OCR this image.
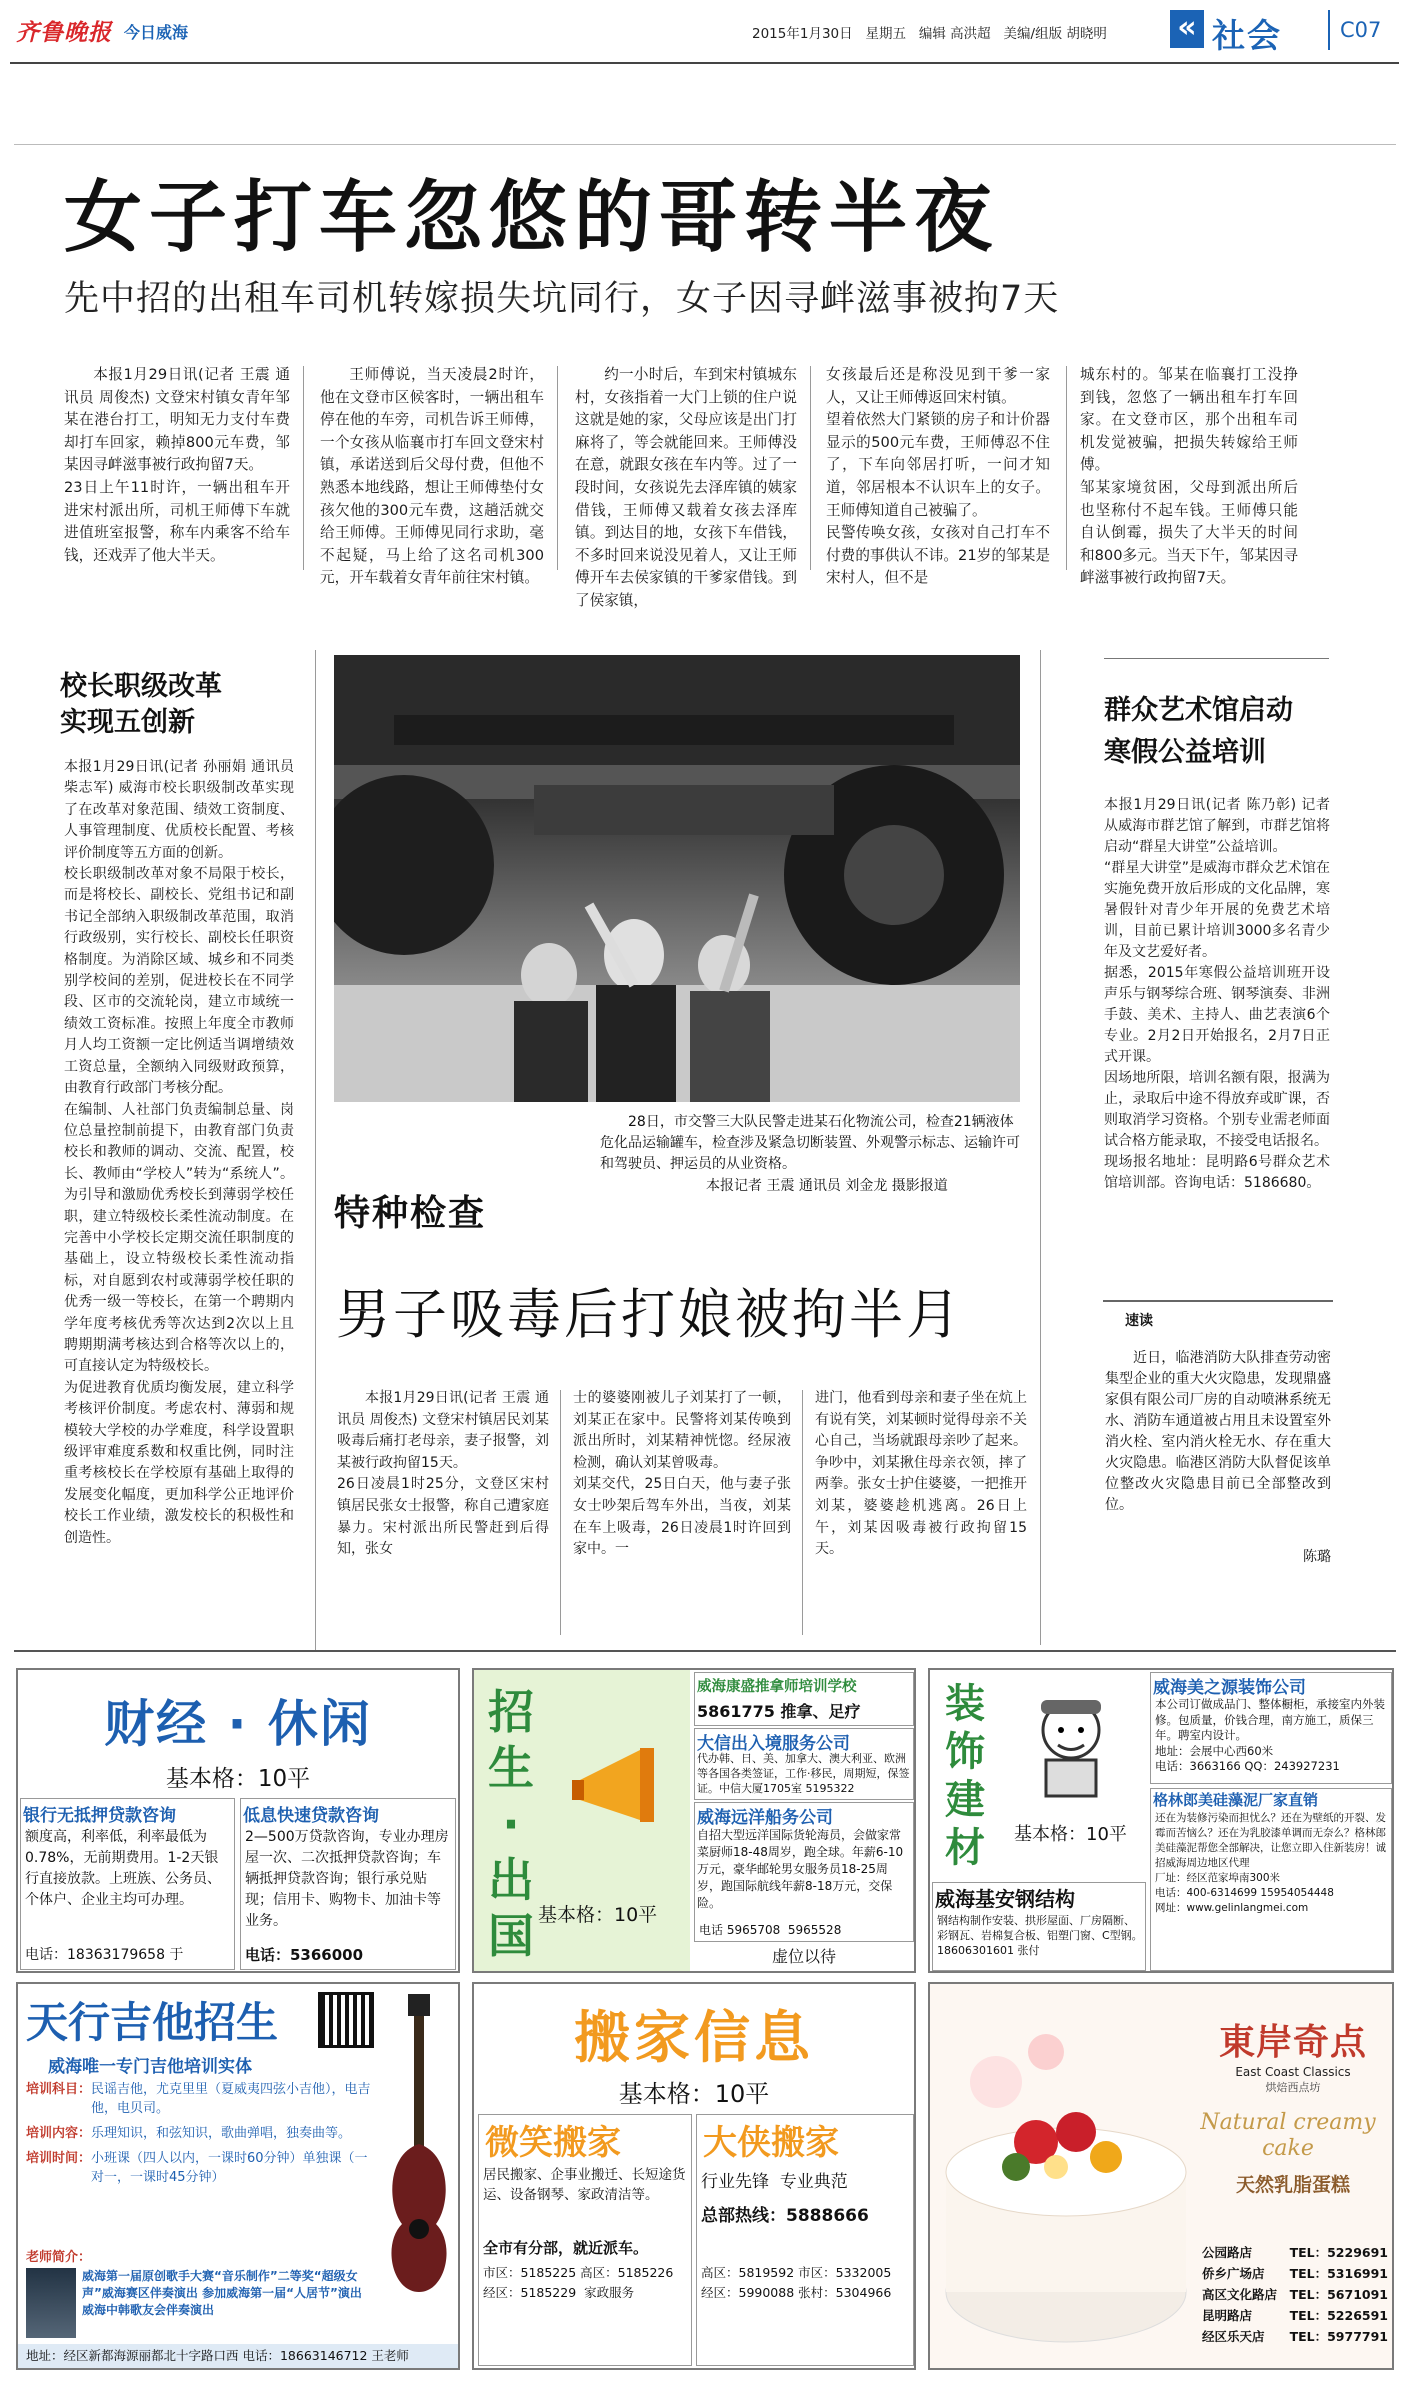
齐鲁晚报 今日威海	2015年1月30日   星期五   编辑 高洪超   美编/组版 胡晓明 « 社会	C07
女子打车忽悠的哥转半夜
先中招的出租车司机转嫁损失坑同行，女子因寻衅滋事被拘7天
本报1月29日讯(记者 王震 通讯员 周俊杰) 文登宋村镇女青年邹某在港台打工，明知无力支付车费却打车回家，赖掉800元车费，邹某因寻衅滋事被行政拘留7天。
23日上午11时许，一辆出租车开进宋村派出所，司机王师傅下车就进值班室报警，称车内乘客不给车钱，还戏弄了他大半天。
王师傅说，当天凌晨2时许，他在文登市区候客时，一辆出租车停在他的车旁，司机告诉王师傅，一个女孩从临襄市打车回文登宋村镇，承诺送到后父母付费，但他不熟悉本地线路，想让王师傅垫付女孩欠他的300元车费，这趟活就交给王师傅。王师傅见同行求助，毫不起疑，马上给了这名司机300元，开车载着女青年前往宋村镇。
约一小时后，车到宋村镇城东村，女孩指着一大门上锁的住户说这就是她的家，父母应该是出门打麻将了，等会就能回来。王师傅没在意，就跟女孩在车内等。过了一段时间，女孩说先去泽库镇的姨家借钱，王师傅又载着女孩去泽库镇。到达目的地，女孩下车借钱，不多时回来说没见着人，又让王师傅开车去侯家镇的干爹家借钱。到了侯家镇，
女孩最后还是称没见到干爹一家人，又让王师傅返回宋村镇。
望着依然大门紧锁的房子和计价器显示的500元车费，王师傅忍不住了，下车向邻居打听，一问才知道，邻居根本不认识车上的女子。王师傅知道自己被骗了。
民警传唤女孩，女孩对自己打车不付费的事供认不讳。21岁的邹某是宋村人，但不是
城东村的。邹某在临襄打工没挣到钱，忽悠了一辆出租车打车回家。在文登市区，那个出租车司机发觉被骗，把损失转嫁给王师傅。
邹某家境贫困，父母到派出所后也坚称付不起车钱。王师傅只能自认倒霉，损失了大半天的时间和800多元。当天下午，邹某因寻衅滋事被行政拘留7天。
校长职级改革
实现五创新
本报1月29日讯(记者 孙丽娟 通讯员 柴志军) 威海市校长职级制改革实现了在改革对象范围、绩效工资制度、人事管理制度、优质校长配置、考核评价制度等五方面的创新。
校长职级制改革对象不局限于校长，而是将校长、副校长、党组书记和副书记全部纳入职级制改革范围，取消行政级别，实行校长、副校长任职资格制度。为消除区域、城乡和不同类别学校间的差别，促进校长在不同学段、区市的交流轮岗，建立市域统一绩效工资标准。按照上年度全市教师月人均工资额一定比例适当调增绩效工资总量，全额纳入同级财政预算，由教育行政部门考核分配。
在编制、人社部门负责编制总量、岗位总量控制前提下，由教育部门负责校长和教师的调动、交流、配置，校长、教师由“学校人”转为“系统人”。为引导和激励优秀校长到薄弱学校任职，建立特级校长柔性流动制度。在完善中小学校长定期交流任职制度的基础上，设立特级校长柔性流动指标，对自愿到农村或薄弱学校任职的优秀一级一等校长，在第一个聘期内学年度考核优秀等次达到2次以上且聘期期满考核达到合格等次以上的，可直接认定为特级校长。
为促进教育优质均衡发展，建立科学考核评价制度。考虑农村、薄弱和规模较大学校的办学难度，科学设置职级评审难度系数和权重比例，同时注重考核校长在学校原有基础上取得的发展变化幅度，更加科学公正地评价校长工作业绩，激发校长的积极性和创造性。
特种检查
28日，市交警三大队民警走进某石化物流公司，检查21辆液体危化品运输罐车，检查涉及紧急切断装置、外观警示标志、运输许可和驾驶员、押运员的从业资格。
本报记者 王震 通讯员 刘金龙 摄影报道
男子吸毒后打娘被拘半月
本报1月29日讯(记者 王震 通讯员 周俊杰) 文登宋村镇居民刘某吸毒后痛打老母亲，妻子报警，刘某被行政拘留15天。
26日凌晨1时25分，文登区宋村镇居民张女士报警，称自己遭家庭暴力。宋村派出所民警赶到后得知，张女
士的婆婆刚被儿子刘某打了一顿，刘某正在家中。民警将刘某传唤到派出所时，刘某精神恍惚。经尿液检测，确认刘某曾吸毒。
刘某交代，25日白天，他与妻子张女士吵架后驾车外出，当夜，刘某在车上吸毒，26日凌晨1时许回到家中。一
进门，他看到母亲和妻子坐在炕上有说有笑，刘某顿时觉得母亲不关心自己，当场就跟母亲吵了起来。争吵中，刘某揪住母亲衣领，摔了两拳。张女士护住婆婆，一把推开刘某，婆婆趁机逃离。26日上午，刘某因吸毒被行政拘留15天。
群众艺术馆启动
寒假公益培训
本报1月29日讯(记者 陈乃彰) 记者从威海市群艺馆了解到，市群艺馆将启动“群星大讲堂”公益培训。
“群星大讲堂”是威海市群众艺术馆在实施免费开放后形成的文化品牌，寒暑假针对青少年开展的免费艺术培训，目前已累计培训3000多名青少年及文艺爱好者。
据悉，2015年寒假公益培训班开设声乐与钢琴综合班、钢琴演奏、非洲手鼓、美术、主持人、曲艺表演6个专业。2月2日开始报名，2月7日正式开课。
因场地所限，培训名额有限，报满为止，录取后中途不得放弃或旷课，否则取消学习资格。个别专业需老师面试合格方能录取，不接受电话报名。
现场报名地址：昆明路6号群众艺术馆培训部。咨询电话：5186680。
速读
近日，临港消防大队排查劳动密集型企业的重大火灾隐患，发现鼎盛家俱有限公司厂房的自动喷淋系统无水、消防车通道被占用且未设置室外消火栓、室内消火栓无水、存在重大火灾隐患。临港区消防大队督促该单位整改火灾隐患目前已全部整改到位。
陈璐
财经 · 休闲
基本格：10平
银行无抵押贷款咨询
额度高，利率低，利率最低为0.78%，无前期费用。1-2天银行直接放款。上班族、公务员、个体户、企业主均可办理。
电话：18363179658 于
低息快速贷款咨询
2—500万贷款咨询，专业办理房屋一次、二次抵押贷款咨询；车辆抵押贷款咨询；银行承兑贴现；信用卡、购物卡、加油卡等业务。
电话：5366000
招
生
·
出
国 基本格：10平
威海康盛推拿师培训学校
5861775 推拿、足疗
大信出入境服务公司
代办韩、日、美、加拿大、澳大利亚、欧洲等各国各类签证，工作·移民，周期短，保签证。中信大厦1705室 5195322
威海远洋船务公司
自招大型远洋国际货轮海员，会做家常菜厨师18-48周岁，跑全球。年薪6-10万元，豪华邮轮男女服务员18-25周岁，跑国际航线年薪8-18万元，交保险。
电话 5965708  5965528
虚位以待
装
饰
建
材 基本格：10平
威海美之源装饰公司
本公司订做成品门、整体橱柜，承接室内外装修。包质量，价钱合理，南方施工，质保三年。聘室内设计。
地址：会展中心西60米
电话：3663166 QQ：243927231
格林郎美硅藻泥厂家直销
还在为装修污染而担忧么？还在为壁纸的开裂、发霉而苦恼么？还在为乳胶漆单调而无奈么？格林郎美硅藻泥帮您全部解决，让您立即入住新装房！诚招威海周边地区代理
厂址：经区范家埠南300米
电话：400-6314699 15954054448
网址：www.gelinlangmei.com
威海基安钢结构
钢结构制作安装、拱形屋面、厂房隔断、彩钢瓦、岩棉复合板、铝塑门窗、C型钢。 18606301601 张付
天行吉他招生
威海唯一专门吉他培训实体
培训科目： 民谣吉他，尤克里里（夏威夷四弦小吉他），电吉他，电贝司。
培训内容： 乐理知识，和弦知识，歌曲弹唱，独奏曲等。
培训时间： 小班课（四人以内，一课时60分钟）单独课（一对一，一课时45分钟）
老师简介：
威海第一届原创歌手大赛“音乐制作”二等奖“超级女声”威海赛区伴奏演出 参加威海第一届“人居节”演出 威海中韩歌友会伴奏演出
地址：经区新都海源丽都北十字路口西 电话：18663146712 王老师
搬家信息
基本格：10平
微笑搬家
居民搬家、企事业搬迁、长短途货运、设备钢琴、家政清洁等。
全市有分部，就近派车。
市区：5185225 高区：5185226
经区：5185229  家政服务
大侠搬家
行业先锋  专业典范
总部热线：5888666
高区：5819592 市区：5332005
经区：5990088 张村：5304966
東岸奇点
East Coast Classics
烘焙西点坊
Natural creamy cake
天然乳脂蛋糕
公园路店	TEL：5229691
侨乡广场店 TEL：5316991
高区文化路店 TEL：5671091
昆明路店	TEL：5226591
经区乐天店 TEL：5977791
